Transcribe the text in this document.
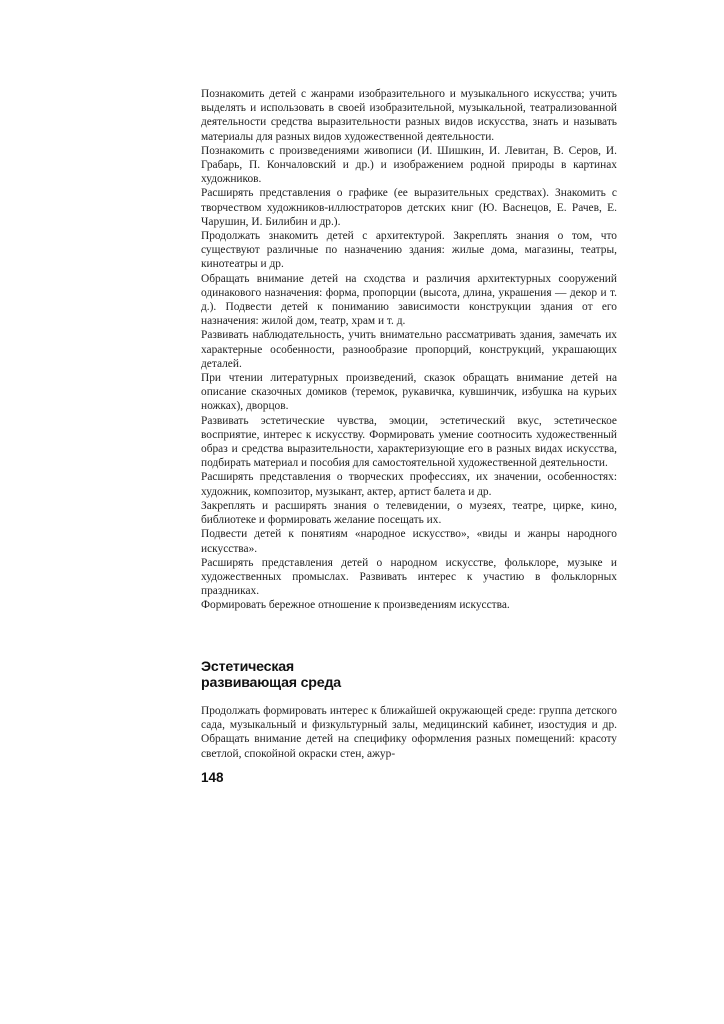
Познакомить детей с жанрами изобразительного и музыкального искусства; учить выделять и использовать в своей изобразительной, музыкальной, театрализованной деятельности средства выразительности разных видов искусства, знать и называть материалы для разных видов художественной деятельности.

Познакомить с произведениями живописи (И. Шишкин, И. Левитан, В. Серов, И. Грабарь, П. Кончаловский и др.) и изображением родной природы в картинах художников.

Расширять представления о графике (ее выразительных средствах). Знакомить с творчеством художников-иллюстраторов детских книг (Ю. Васнецов, Е. Рачев, Е. Чарушин, И. Билибин и др.).

Продолжать знакомить детей с архитектурой. Закреплять знания о том, что существуют различные по назначению здания: жилые дома, магазины, театры, кинотеатры и др.

Обращать внимание детей на сходства и различия архитектурных сооружений одинакового назначения: форма, пропорции (высота, длина, украшения — декор и т. д.). Подвести детей к пониманию зависимости конструкции здания от его назначения: жилой дом, театр, храм и т. д.

Развивать наблюдательность, учить внимательно рассматривать здания, замечать их характерные особенности, разнообразие пропорций, конструкций, украшающих деталей.

При чтении литературных произведений, сказок обращать внимание детей на описание сказочных домиков (теремок, рукавичка, кувшинчик, избушка на курьих ножках), дворцов.

Развивать эстетические чувства, эмоции, эстетический вкус, эстетическое восприятие, интерес к искусству. Формировать умение соотносить художественный образ и средства выразительности, характеризующие его в разных видах искусства, подбирать материал и пособия для самостоятельной художественной деятельности.

Расширять представления о творческих профессиях, их значении, особенностях: художник, композитор, музыкант, актер, артист балета и др.

Закреплять и расширять знания о телевидении, о музеях, театре, цирке, кино, библиотеке и формировать желание посещать их.

Подвести детей к понятиям «народное искусство», «виды и жанры народного искусства».

Расширять представления детей о народном искусстве, фольклоре, музыке и художественных промыслах. Развивать интерес к участию в фольклорных праздниках.

Формировать бережное отношение к произведениям искусства.

Эстетическая
развивающая среда

Продолжать формировать интерес к ближайшей окружающей среде: группа детского сада, музыкальный и физкультурный залы, медицинский кабинет, изостудия и др. Обращать внимание детей на специфику оформления разных помещений: красоту светлой, спокойной окраски стен, ажур-

148
